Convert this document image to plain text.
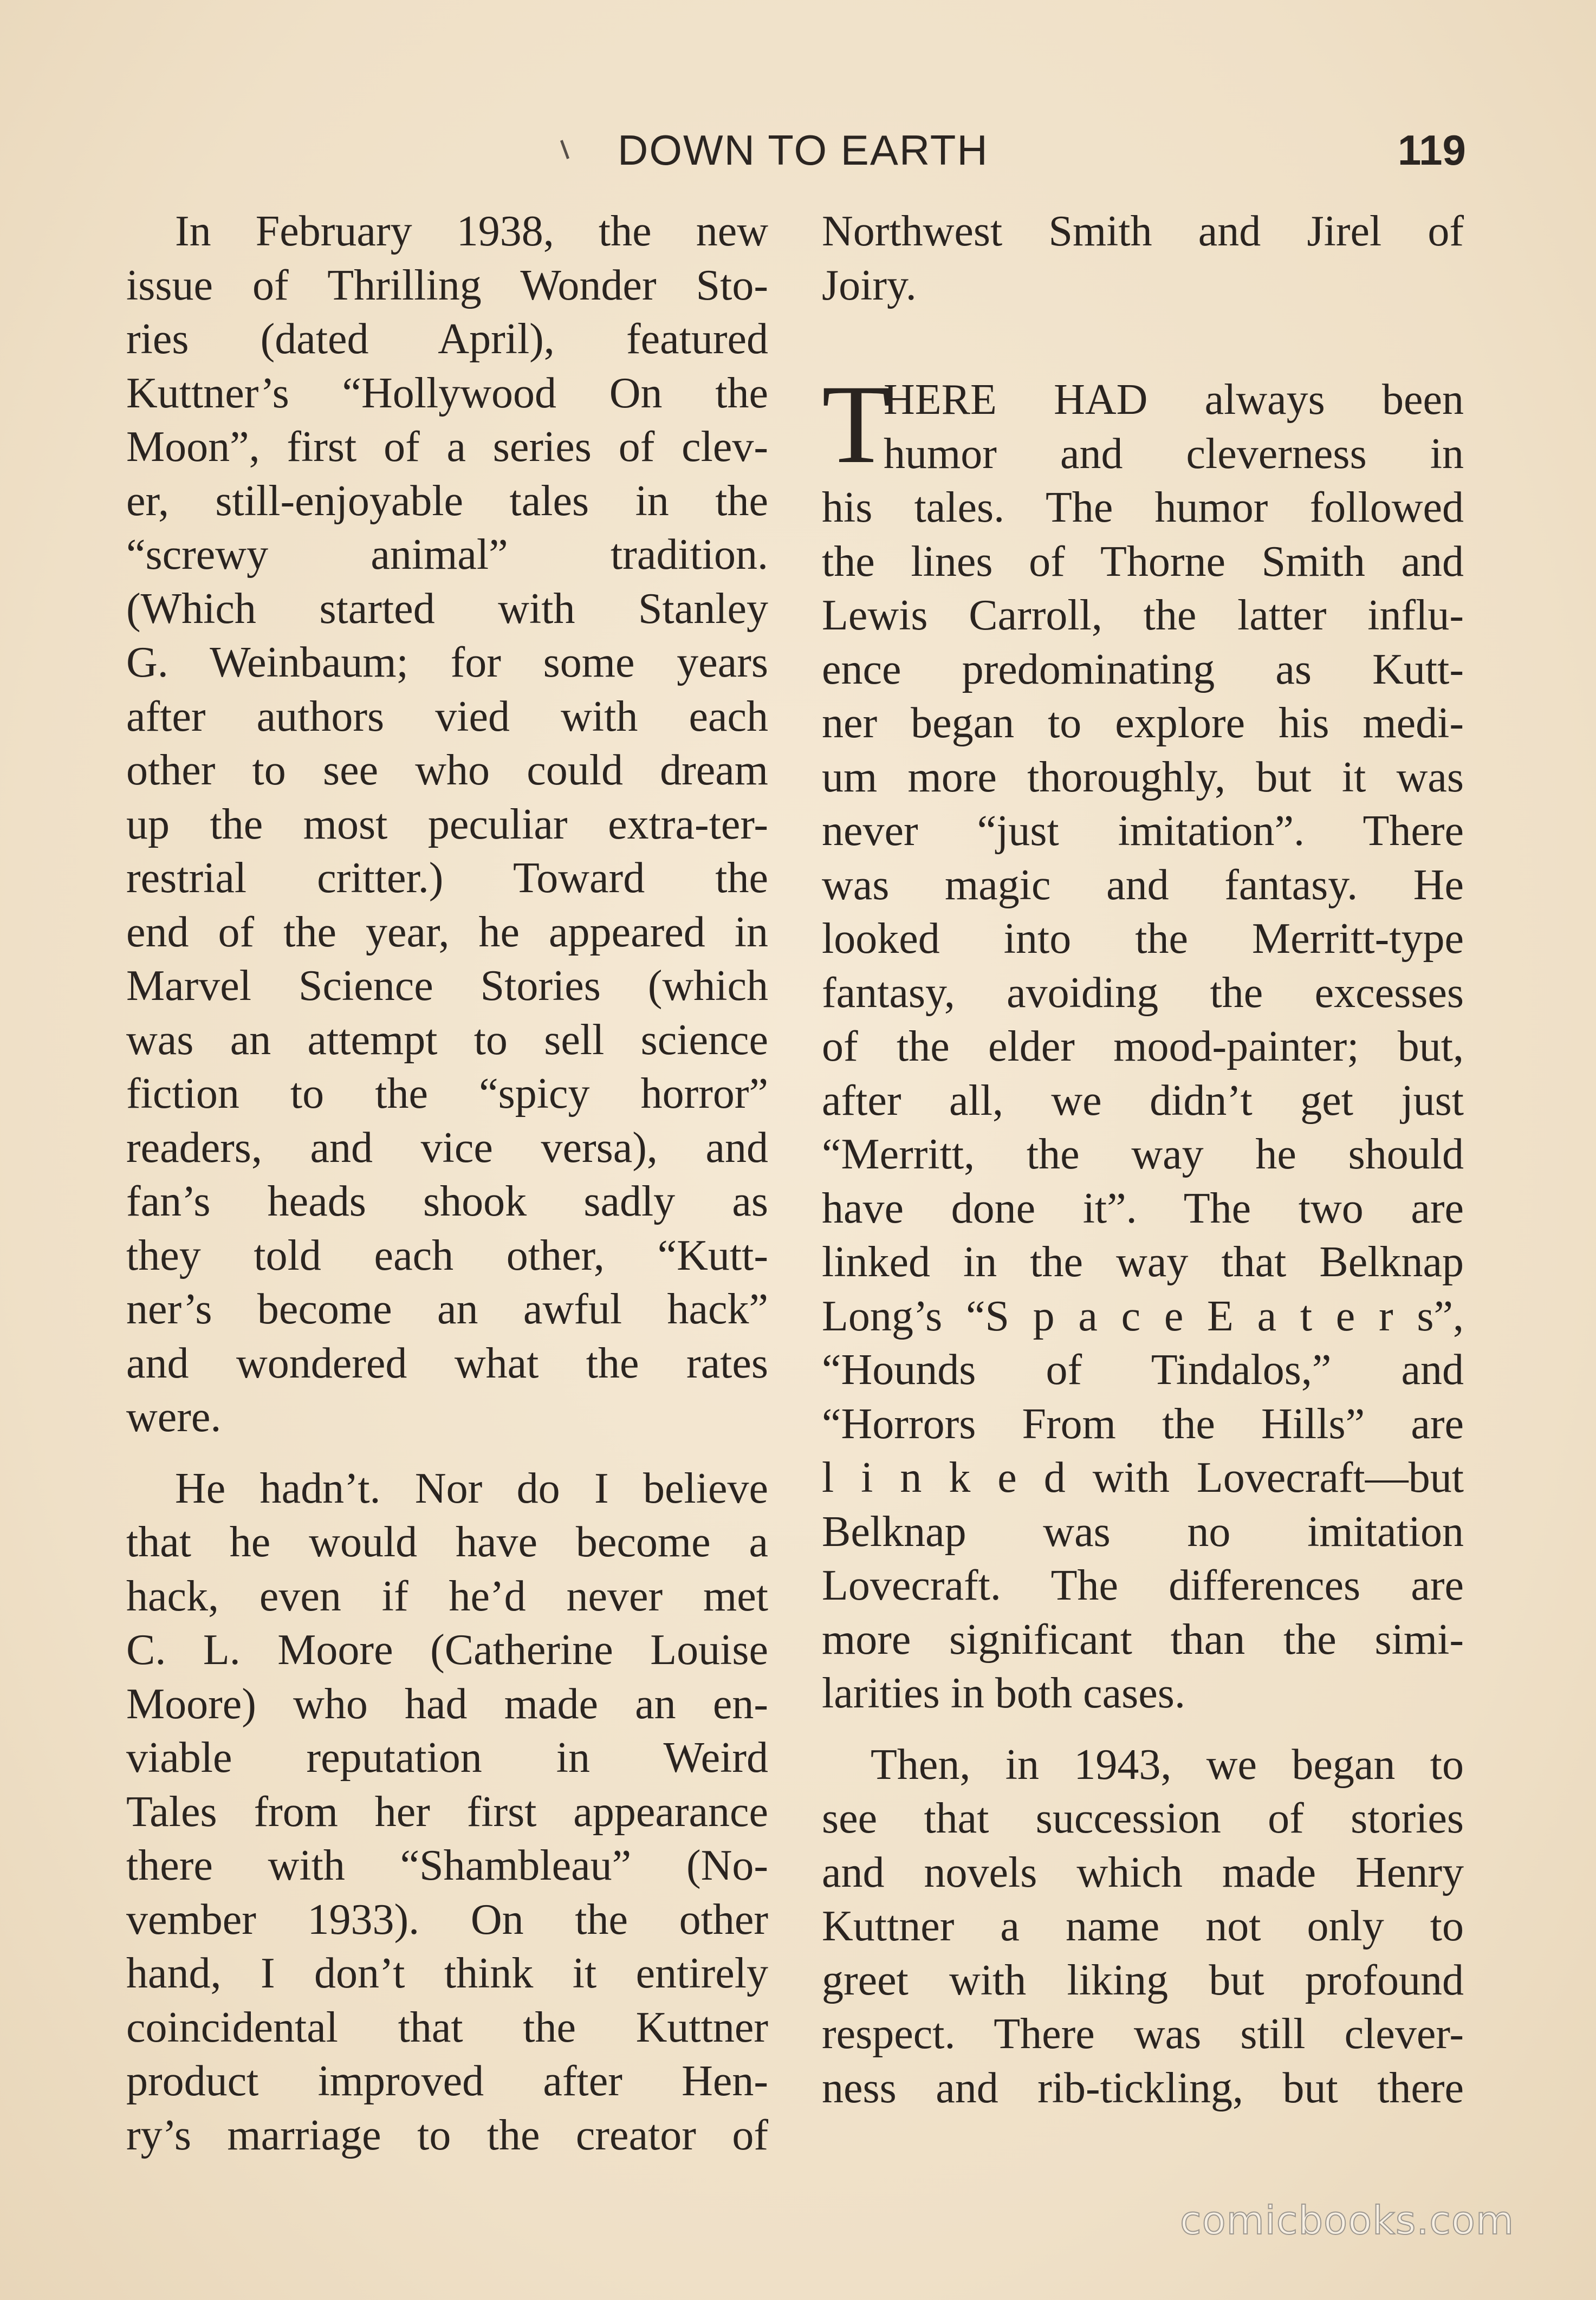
DOWN TO EARTH	119
In February 1938, the new
issue of Thrilling Wonder Sto-
ries (dated April), featured
Kuttner’s “Hollywood On the
Moon”, first of a series of clev-
er, still-enjoyable tales in the
“screwy animal” tradition.
(Which started with Stanley
G. Weinbaum; for some years
after authors vied with each
other to see who could dream
up the most peculiar extra-ter-
restrial critter.) Toward the
end of the year, he appeared in
Marvel Science Stories (which
was an attempt to sell science
fiction to the “spicy horror”
readers, and vice versa), and
fan’s heads shook sadly as
they told each other, “Kutt-
ner’s become an awful hack”
and wondered what the rates
were.
He hadn’t. Nor do I believe
that he would have become a
hack, even if he’d never met
C. L. Moore (Catherine Louise
Moore) who had made an en-
viable reputation in Weird
Tales from her first appearance
there with “Shambleau” (No-
vember 1933). On the other
hand, I don’t think it entirely
coincidental that the Kuttner
product improved after Hen-
ry’s marriage to the creator of
Northwest Smith and Jirel of
Joiry.
T
HERE HAD always been
humor and cleverness in
his tales. The humor followed
the lines of Thorne Smith and
Lewis Carroll, the latter influ-
ence predominating as Kutt-
ner began to explore his medi-
um more thoroughly, but it was
never “just imitation”. There
was magic and fantasy. He
looked into the Merritt-type
fantasy, avoiding the excesses
of the elder mood-painter; but,
after all, we didn’t get just
“Merritt, the way he should
have done it”. The two are
linked in the way that Belknap
Long’s “S p a c e E a t e r s”,
“Hounds of Tindalos,” and
“Horrors From the Hills” are
l i n k e d with Lovecraft—but
Belknap was no imitation
Lovecraft. The differences are
more significant than the simi-
larities in both cases.
Then, in 1943, we began to
see that succession of stories
and novels which made Henry
Kuttner a name not only to
greet with liking but profound
respect. There was still clever-
ness and rib-tickling, but there
comicbooks.com
